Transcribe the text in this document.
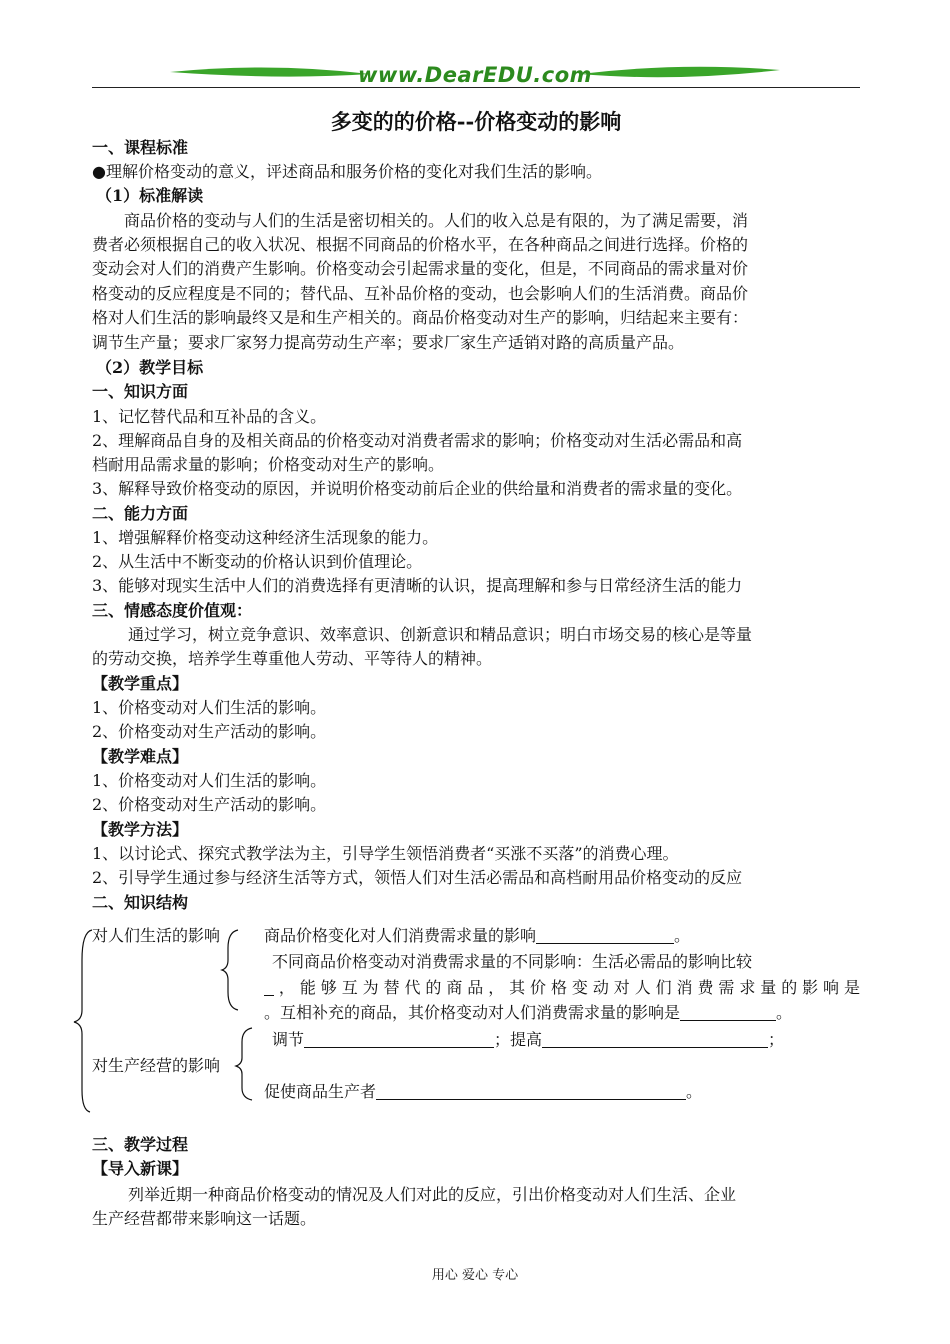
www.DearEDU.com
多变的的价格--价格变动的影响
一、课程标准
●理解价格变动的意义，评述商品和服务价格的变化对我们生活的影响。
（1）标准解读
商品价格的变动与人们的生活是密切相关的。人们的收入总是有限的，为了满足需要，消
费者必须根据自己的收入状况、根据不同商品的价格水平，在各种商品之间进行选择。价格的
变动会对人们的消费产生影响。价格变动会引起需求量的变化，但是，不同商品的需求量对价
格变动的反应程度是不同的；替代品、互补品价格的变动，也会影响人们的生活消费。商品价
格对人们生活的影响最终又是和生产相关的。商品价格变动对生产的影响，归结起来主要有：
调节生产量；要求厂家努力提高劳动生产率；要求厂家生产适销对路的高质量产品。
（2）教学目标
一、知识方面
1、记忆替代品和互补品的含义。
2、理解商品自身的及相关商品的价格变动对消费者需求的影响；价格变动对生活必需品和高
档耐用品需求量的影响；价格变动对生产的影响。
3、解释导致价格变动的原因，并说明价格变动前后企业的供给量和消费者的需求量的变化。
二、能力方面
1、增强解释价格变动这种经济生活现象的能力。
2、从生活中不断变动的价格认识到价值理论。
3、能够对现实生活中人们的消费选择有更清晰的认识，提高理解和参与日常经济生活的能力
三、情感态度价值观：
通过学习，树立竞争意识、效率意识、创新意识和精品意识；明白市场交易的核心是等量
的劳动交换，培养学生尊重他人劳动、平等待人的精神。
【教学重点】
1、价格变动对人们生活的影响。
2、价格变动对生产活动的影响。
【教学难点】
1、价格变动对人们生活的影响。
2、价格变动对生产活动的影响。
【教学方法】
1、以讨论式、探究式教学法为主，引导学生领悟消费者“买涨不买落”的消费心理。
2、引导学生通过参与经济生活等方式，领悟人们对生活必需品和高档耐用品价格变动的反应
二、知识结构
对人们生活的影响	商品价格变化对人们消费需求量的影响	。
不同商品价格变动对消费需求量的不同影响：生活必需品的影响比较
，能够互为替代的商品，其价格变动对人们消费需求量的影响是
。互相补充的商品，其价格变动对人们消费需求量的影响是	。
调节	；提高	；
对生产经营的影响
促使商品生产者	。
三、教学过程
【导入新课】
列举近期一种商品价格变动的情况及人们对此的反应，引出价格变动对人们生活、企业
生产经营都带来影响这一话题。
用心 爱心 专心
